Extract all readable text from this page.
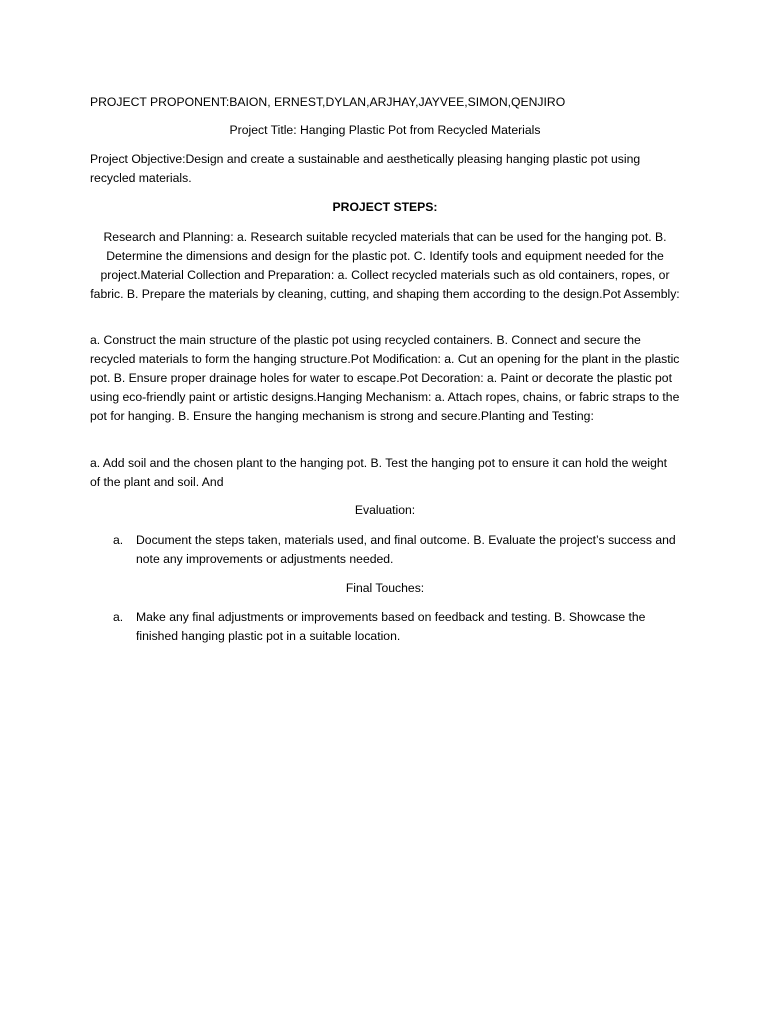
PROJECT PROPONENT:BAION, ERNEST,DYLAN,ARJHAY,JAYVEE,SIMON,QENJIRO

Project Title: Hanging Plastic Pot from Recycled Materials

Project Objective:Design and create a sustainable and aesthetically pleasing hanging plastic pot using recycled materials.

PROJECT STEPS:

Research and Planning: a. Research suitable recycled materials that can be used for the hanging pot. B. Determine the dimensions and design for the plastic pot. C. Identify tools and equipment needed for the project.Material Collection and Preparation: a. Collect recycled materials such as old containers, ropes, or fabric. B. Prepare the materials by cleaning, cutting, and shaping them according to the design.Pot Assembly:

a. Construct the main structure of the plastic pot using recycled containers. B. Connect and secure the recycled materials to form the hanging structure.Pot Modification: a. Cut an opening for the plant in the plastic pot. B. Ensure proper drainage holes for water to escape.Pot Decoration: a. Paint or decorate the plastic pot using eco-friendly paint or artistic designs.Hanging Mechanism: a. Attach ropes, chains, or fabric straps to the pot for hanging. B. Ensure the hanging mechanism is strong and secure.Planting and Testing:

a. Add soil and the chosen plant to the hanging pot. B. Test the hanging pot to ensure it can hold the weight of the plant and soil. And

Evaluation:

a.	Document the steps taken, materials used, and final outcome. B. Evaluate the project’s success and note any improvements or adjustments needed.

Final Touches:

a.	Make any final adjustments or improvements based on feedback and testing. B. Showcase the finished hanging plastic pot in a suitable location.
